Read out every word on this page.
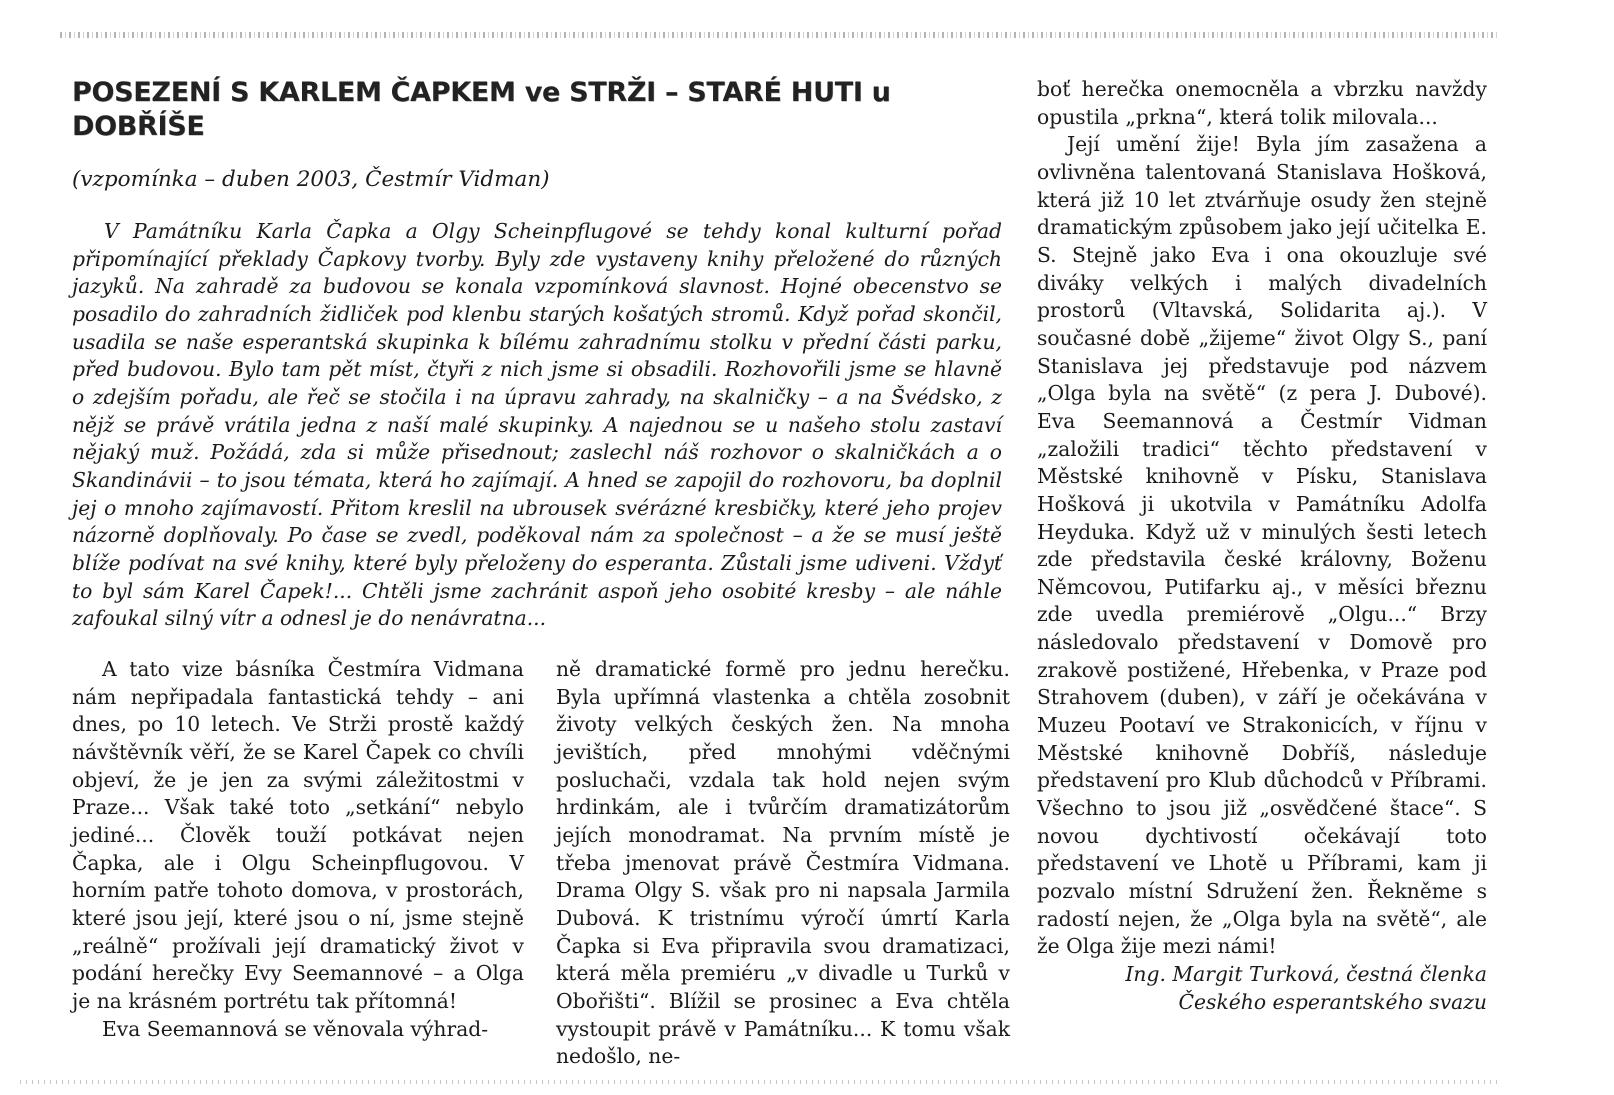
POSEZENÍ S KARLEM ČAPKEM ve STRŽI – STARÉ HUTI u DOBŘÍŠE
(vzpomínka – duben 2003, Čestmír Vidman)

V Památníku Karla Čapka a Olgy Scheinpflugové se tehdy konal kulturní pořad připomínající překlady Čapkovy tvorby. Byly zde vystaveny knihy přeložené do různých jazyků. Na zahradě za budovou se konala vzpomínková slavnost. Hojné obecenstvo se posadilo do zahradních židliček pod klenbu starých košatých stromů. Když pořad skončil, usadila se naše esperantská skupinka k bílému zahradnímu stolku v přední části parku, před budovou. Bylo tam pět míst, čtyři z nich jsme si obsadili. Rozhovořili jsme se hlavně o zdejším pořadu, ale řeč se stočila i na úpravu zahrady, na skalničky – a na Švédsko, z nějž se právě vrátila jedna z naší malé skupinky. A najednou se u našeho stolu zastaví nějaký muž. Požádá, zda si může přisednout; zaslechl náš rozhovor o skalničkách a o Skandinávii – to jsou témata, která ho zajímají. A hned se zapojil do rozhovoru, ba doplnil jej o mnoho zajímavostí. Přitom kreslil na ubrousek svérázné kresbičky, které jeho projev názorně doplňovaly. Po čase se zvedl, poděkoval nám za společnost – a že se musí ještě blíže podívat na své knihy, které byly přeloženy do esperanta. Zůstali jsme udiveni. Vždyť to byl sám Karel Čapek!... Chtěli jsme zachránit aspoň jeho osobité kresby – ale náhle zafoukal silný vítr a odnesl je do nenávratna...

A tato vize básníka Čestmíra Vidmana nám nepřipadala fantastická tehdy – ani dnes, po 10 letech. Ve Strži prostě každý návštěvník věří, že se Karel Čapek co chvíli objeví, že je jen za svými záležitostmi v Praze... Však také toto „setkání“ nebylo jediné... Člověk touží potkávat nejen Čapka, ale i Olgu Scheinpflugovou. V horním patře tohoto domova, v prostorách, které jsou její, které jsou o ní, jsme stejně „reálně“ prožívali její dramatický život v podání herečky Evy Seemannové – a Olga je na krásném portrétu tak přítomná!

Eva Seemannová se věnovala výhrad-

ně dramatické formě pro jednu herečku. Byla upřímná vlastenka a chtěla zosobnit životy velkých českých žen. Na mnoha jevištích, před mnohými vděčnými posluchači, vzdala tak hold nejen svým hrdinkám, ale i tvůrčím dramatizátorům jejích monodramat. Na prvním místě je třeba jmenovat právě Čestmíra Vidmana. Drama Olgy S. však pro ni napsala Jarmila Dubová. K tristnímu výročí úmrtí Karla Čapka si Eva připravila svou dramatizaci, která měla premiéru „v divadle u Turků v Obořišti“. Blížil se prosinec a Eva chtěla vystoupit právě v Památníku... K tomu však nedošlo, ne-

boť herečka onemocněla a vbrzku navždy opustila „prkna“, která tolik milovala...

Její umění žije! Byla jím zasažena a ovlivněna talentovaná Stanislava Hošková, která již 10 let ztvárňuje osudy žen stejně dramatickým způsobem jako její učitelka E. S. Stejně jako Eva i ona okouzluje své diváky velkých i malých divadelních prostorů (Vltavská, Solidarita aj.). V současné době „žijeme“ život Olgy S., paní Stanislava jej představuje pod názvem „Olga byla na světě“ (z pera J. Dubové). Eva Seemannová a Čestmír Vidman „založili tradici“ těchto představení v Městské knihovně v Písku, Stanislava Hošková ji ukotvila v Památníku Adolfa Heyduka. Když už v minulých šesti letech zde představila české královny, Boženu Němcovou, Putifarku aj., v měsíci březnu zde uvedla premiérově „Olgu...“ Brzy následovalo představení v Domově pro zrakově postižené, Hřebenka, v Praze pod Strahovem (duben), v září je očekávána v Muzeu Pootaví ve Strakonicích, v říjnu v Městské knihovně Dobříš, následuje představení pro Klub důchodců v Příbrami. Všechno to jsou již „osvědčené štace“. S novou dychtivostí očekávají toto představení ve Lhotě u Příbrami, kam ji pozvalo místní Sdružení žen. Řekněme s radostí nejen, že „Olga byla na světě“, ale že Olga žije mezi námi!

Ing. Margit Turková, čestná členka
Českého esperantského svazu
